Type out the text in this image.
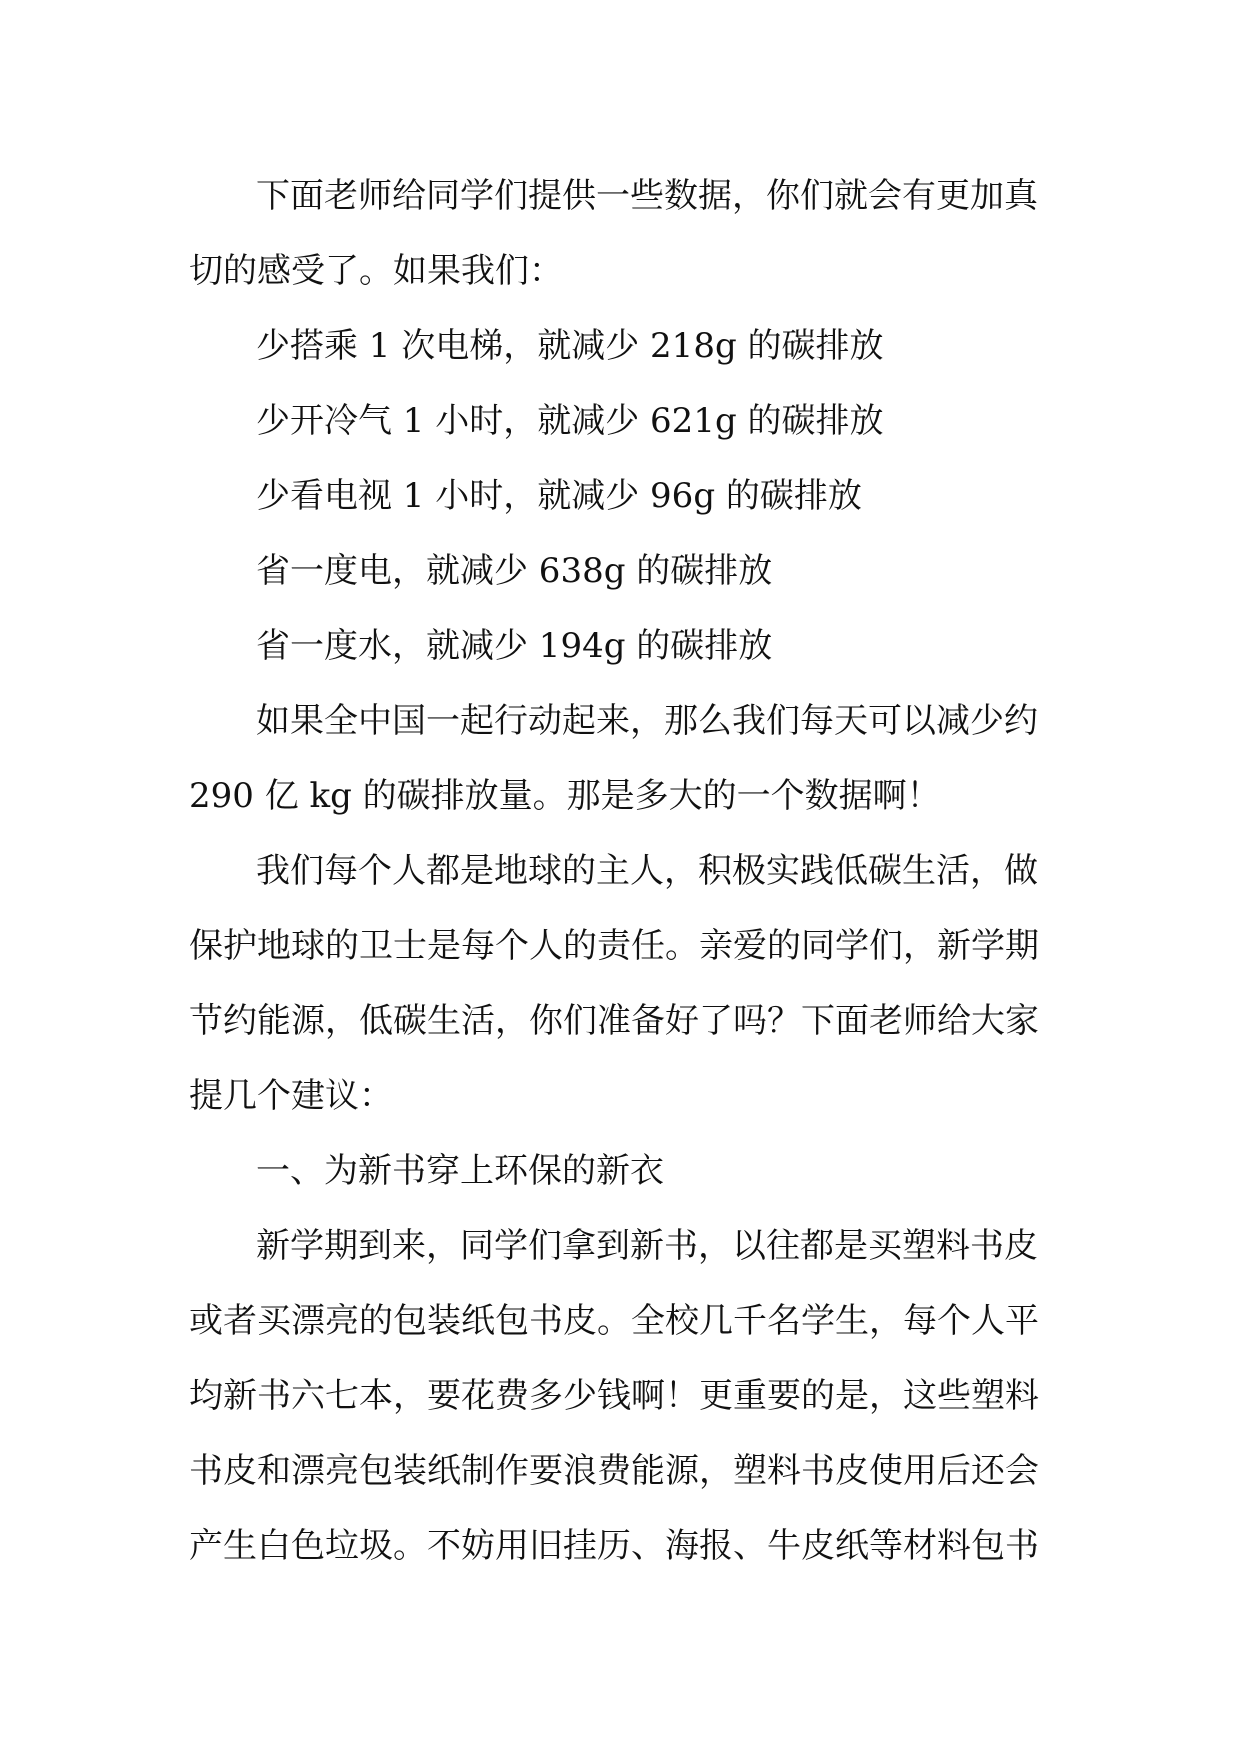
下面老师给同学们提供一些数据，你们就会有更加真

切的感受了。如果我们：

少搭乘 1 次电梯，就减少 218g 的碳排放

少开冷气 1 小时，就减少 621g 的碳排放

少看电视 1 小时，就减少 96g 的碳排放

省一度电，就减少 638g 的碳排放

省一度水，就减少 194g 的碳排放

如果全中国一起行动起来，那么我们每天可以减少约

290 亿 kg 的碳排放量。那是多大的一个数据啊！

我们每个人都是地球的主人，积极实践低碳生活，做

保护地球的卫士是每个人的责任。亲爱的同学们，新学期

节约能源，低碳生活，你们准备好了吗？下面老师给大家

提几个建议：

一、为新书穿上环保的新衣

新学期到来，同学们拿到新书，以往都是买塑料书皮

或者买漂亮的包装纸包书皮。全校几千名学生，每个人平

均新书六七本，要花费多少钱啊！更重要的是，这些塑料

书皮和漂亮包装纸制作要浪费能源，塑料书皮使用后还会

产生白色垃圾。不妨用旧挂历、海报、牛皮纸等材料包书
